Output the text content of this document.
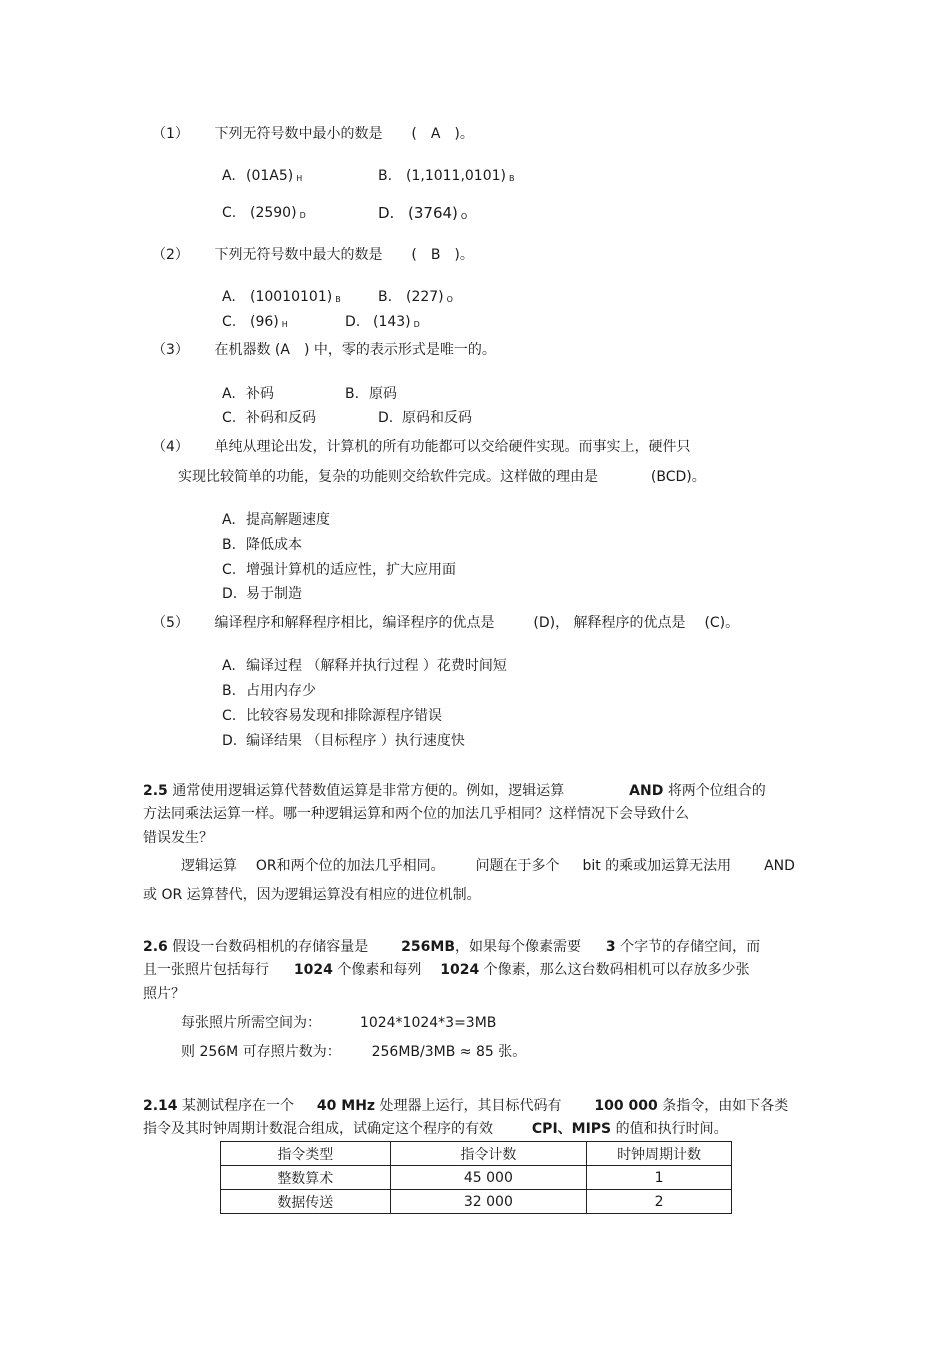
（1） 下列无符号数中最小的数是 (　A　)。
A. (01A5) H	B. (1,1011,0101) B
C. (2590) D	D. (3764) O
（2） 下列无符号数中最大的数是 (　B　)。
A. (10010101) B	B. (227) O
C. (96) H	D. (143) D
（3） 在机器数 (A　) 中，零的表示形式是唯一的。
A. 补码	B. 原码
C. 补码和反码	D. 原码和反码
（4） 单纯从理论出发，计算机的所有功能都可以交给硬件实现。而事实上，硬件只
实现比较简单的功能，复杂的功能则交给软件完成。这样做的理由是	(BCD)。
A. 提高解题速度
B. 降低成本
C. 增强计算机的适应性，扩大应用面
D. 易于制造
（5） 编译程序和解释程序相比，编译程序的优点是	(D)， 解释程序的优点是 (C)。
A. 编译过程 （解释并执行过程 ）花费时间短
B. 占用内存少
C. 比较容易发现和排除源程序错误
D. 编译结果 （目标程序 ）执行速度快
2.5 通常使用逻辑运算代替数值运算是非常方便的。例如，逻辑运算	AND 将两个位组合的
方法同乘法运算一样。哪一种逻辑运算和两个位的加法几乎相同？这样情况下会导致什么
错误发生？
逻辑运算 OR和两个位的加法几乎相同。 问题在于多个 bit 的乘或加运算无法用 AND
或 OR 运算替代，因为逻辑运算没有相应的进位机制。
2.6 假设一台数码相机的存储容量是 256MB，如果每个像素需要 3 个字节的存储空间，而
且一张照片包括每行 1024 个像素和每列 1024 个像素，那么这台数码相机可以存放多少张
照片？
每张照片所需空间为：	1024*1024*3=3MB
则 256M 可存照片数为： 256MB/3MB ≈ 85 张。
2.14 某测试程序在一个 40 MHz 处理器上运行，其目标代码有 100 000 条指令，由如下各类
指令及其时钟周期计数混合组成，试确定这个程序的有效	CPI、MIPS 的值和执行时间。
指令类型	指令计数	时钟周期计数
整数算术	45 000	1
数据传送	32 000	2
